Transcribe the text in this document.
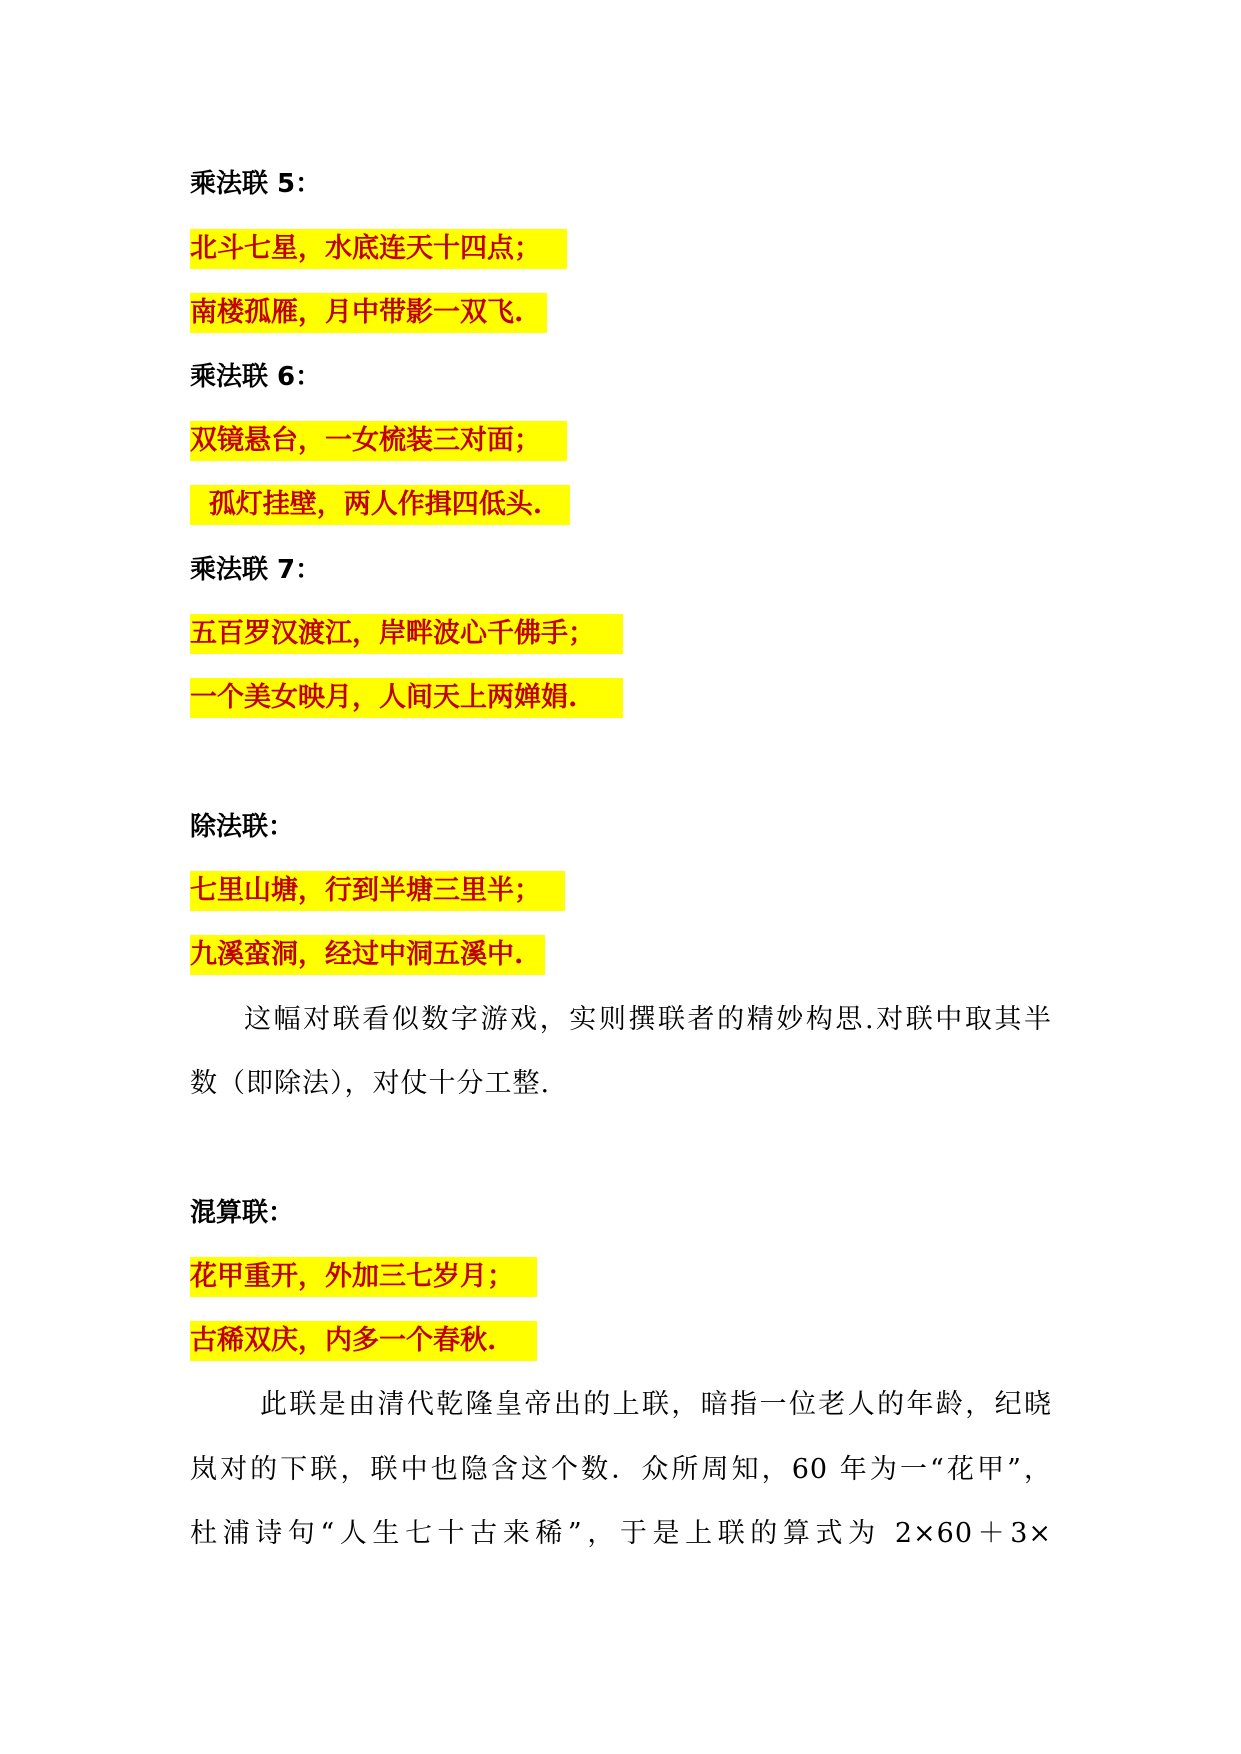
乘法联 5：
北斗七星，水底连天十四点；
南楼孤雁，月中带影一双飞.
乘法联 6：
双镜悬台，一女梳装三对面；
孤灯挂壁，两人作揖四低头.
乘法联 7：
五百罗汉渡江，岸畔波心千佛手；
一个美女映月，人间天上两婵娟.
除法联：
七里山塘，行到半塘三里半；
九溪蛮洞，经过中洞五溪中.
这幅对联看似数字游戏，实则撰联者的精妙构思.对联中取其半
数（即除法），对仗十分工整.
混算联：
花甲重开，外加三七岁月；
古稀双庆，内多一个春秋.
此联是由清代乾隆皇帝出的上联，暗指一位老人的年龄，纪晓
岚对的下联，联中也隐含这个数．众所周知，60 年为一“花甲”，
杜浦诗句“人生七十古来稀”，于是上联的算式为 2×60＋3×
